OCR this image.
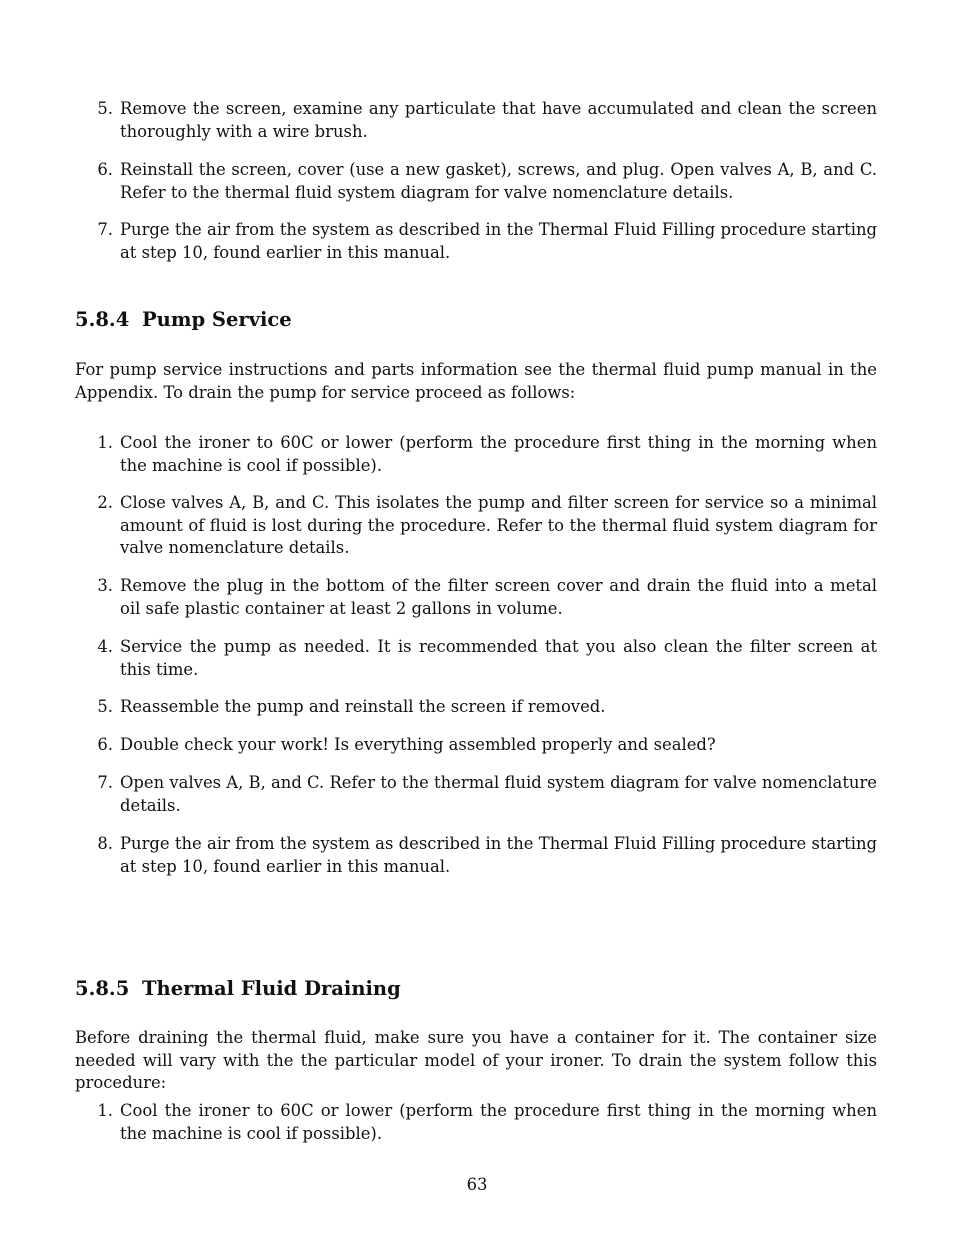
5. Remove the screen, examine any particulate that have accumulated and clean the screen thoroughly with a wire brush.
6. Reinstall the screen, cover (use a new gasket), screws, and plug. Open valves A, B, and C. Refer to the thermal fluid system diagram for valve nomenclature details.
7. Purge the air from the system as described in the Thermal Fluid Filling procedure starting at step 10, found earlier in this manual.
5.8.4 Pump Service
For pump service instructions and parts information see the thermal fluid pump manual in the Appendix. To drain the pump for service proceed as follows:
1. Cool the ironer to 60C or lower (perform the procedure first thing in the morning when the machine is cool if possible).
2. Close valves A, B, and C. This isolates the pump and filter screen for service so a minimal amount of fluid is lost during the procedure. Refer to the thermal fluid system diagram for valve nomenclature details.
3. Remove the plug in the bottom of the filter screen cover and drain the fluid into a metal oil safe plastic container at least 2 gallons in volume.
4. Service the pump as needed. It is recommended that you also clean the filter screen at this time.
5. Reassemble the pump and reinstall the screen if removed.
6. Double check your work! Is everything assembled properly and sealed?
7. Open valves A, B, and C. Refer to the thermal fluid system diagram for valve nomenclature details.
8. Purge the air from the system as described in the Thermal Fluid Filling procedure starting at step 10, found earlier in this manual.
5.8.5 Thermal Fluid Draining
Before draining the thermal fluid, make sure you have a container for it. The container size needed will vary with the the particular model of your ironer. To drain the system follow this procedure:
1. Cool the ironer to 60C or lower (perform the procedure first thing in the morning when the machine is cool if possible).
63
